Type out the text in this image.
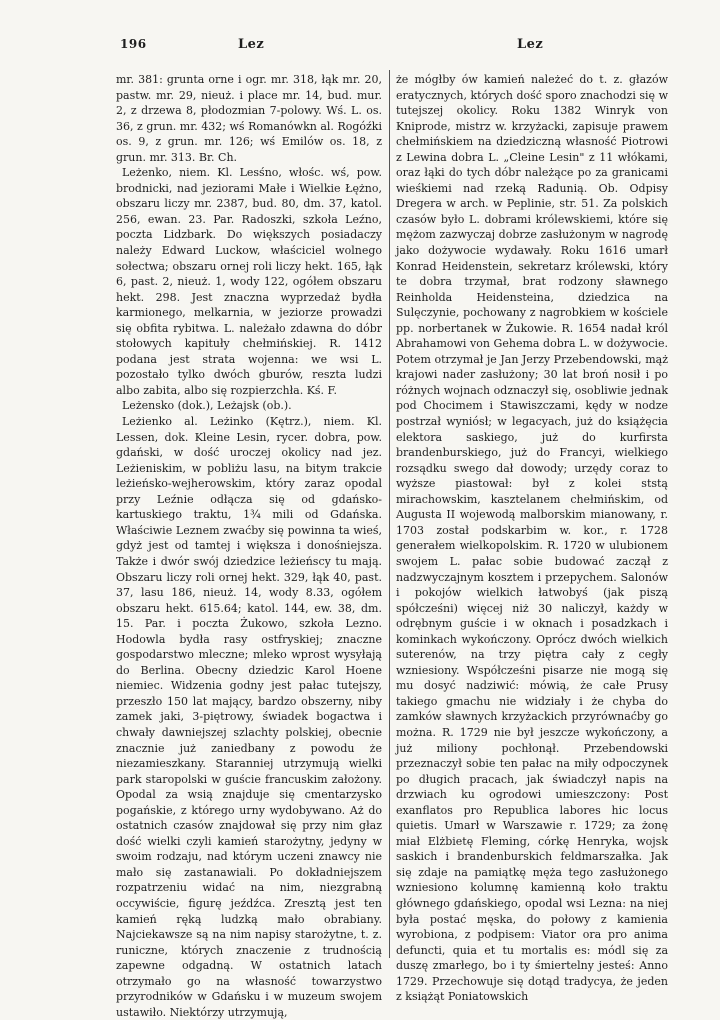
196	Lez	Lez

mr. 381: grunta orne i ogr. mr. 318, łąk mr. 20, pastw. mr. 29, nieuż. i place mr. 14, bud. mur. 2, z drzewa 8, płodozmian 7-polowy. Wś. L. os. 36, z grun. mr. 432; wś Romanówkn al. Rogóźki os. 9, z grun. mr. 126; wś Emilów os. 18, z grun. mr. 313. Br. Ch.

Leżenko, niem. Kl. Lesśno, włośc. wś, pow. brodnicki, nad jeziorami Małe i Wielkie Łężno, obszaru liczy mr. 2387, bud. 80, dm. 37, katol. 256, ewan. 23. Par. Radoszki, szkoła Leźno, poczta Lidzbark. Do większych posiadaczy należy Edward Luckow, właściciel wolnego sołectwa; obszaru ornej roli liczy hekt. 165, łąk 6, past. 2, nieuż. 1, wody 122, ogółem obszaru hekt. 298. Jest znaczna wyprzedaż bydła karmionego, melkarnia, w jeziorze prowadzi się obfita rybitwa. L. należało zdawna do dóbr stołowych kapituły chełmińskiej. R. 1412 podana jest strata wojenna: we wsi L. pozostało tylko dwóch gburów, reszta ludzi albo zabita, albo się rozpierzchła. Kś. F.

Leżensko (dok.), Leżajsk (ob.).

Leżienko al. Leżinko (Kętrz.), niem. Kl. Lessen, dok. Kleine Lesin, rycer. dobra, pow. gdański, w dość uroczej okolicy nad jez. Leżieniskim, w pobliżu lasu, na bitym trakcie leżieńsko-wejherowskim, który zaraz opodal przy Leźnie odłącza się od gdańsko-kartuskiego traktu, 1¾ mili od Gdańska. Właściwie Leznem zwaćby się powinna ta wieś, gdyż jest od tamtej i większa i donośniejsza. Także i dwór swój dziedzice leżieńscy tu mają. Obszaru liczy roli ornej hekt. 329, łąk 40, past. 37, lasu 186, nieuż. 14, wody 8.33, ogółem obszaru hekt. 615.64; katol. 144, ew. 38, dm. 15. Par. i poczta Żukowo, szkoła Lezno. Hodowla bydła rasy ostfryskiej; znaczne gospodarstwo mleczne; mleko wprost wysyłają do Berlina. Obecny dziedzic Karol Hoene niemiec. Widzenia godny jest pałac tutejszy, przeszło 150 lat mający, bardzo obszerny, niby zamek jaki, 3-piętrowy, świadek bogactwa i chwały dawniejszej szlachty polskiej, obecnie znacznie już zaniedbany z powodu że niezamieszkany. Staranniej utrzymują wielki park staropolski w guście francuskim założony. Opodal za wsią znajduje się cmentarzysko pogańskie, z którego urny wydobywano. Aż do ostatnich czasów znajdował się przy nim głaz dość wielki czyli kamień starożytny, jedyny w swoim rodzaju, nad którym uczeni znawcy nie mało się zastanawiali. Po dokładniejszem rozpatrzeniu widać na nim, niezgrabną occywiście, figurę jeźdźca. Zresztą jest ten kamień ręką ludzką mało obrabiany. Najciekawsze są na nim napisy starożytne, t. z. runiczne, których znaczenie z trudnością zapewne odgadną. W ostatnich latach otrzymało go na własność towarzystwo przyrodników w Gdańsku i w muzeum swojem ustawiło. Niektórzy utrzymują,

że mógłby ów kamień należeć do t. z. głazów eratycznych, których dość sporo znachodzi się w tutejszej okolicy. Roku 1382 Winryk von Kniprode, mistrz w. krzyżacki, zapisuje prawem chełmińskiem na dziedziczną własność Piotrowi z Lewina dobra L. „Cleine Lesin" z 11 włókami, oraz łąki do tych dóbr należące po za granicami wieśkiemi nad rzeką Radunią. Ob. Odpisy Dregera w arch. w Peplinie, str. 51. Za polskich czasów było L. dobrami królewskiemi, które się mężom zazwyczaj dobrze zasłużonym w nagrodę jako dożywocie wydawały. Roku 1616 umarł Konrad Heidenstein, sekretarz królewski, który te dobra trzymał, brat rodzony sławnego Reinholda Heidensteina, dziedzica na Sulęczynie, pochowany z nagrobkiem w kościele pp. norbertanek w Żukowie. R. 1654 nadał król Abrahamowi von Gehema dobra L. w dożywocie. Potem otrzymał je Jan Jerzy Przebendowski, mąż krajowi nader zasłużony; 30 lat broń nosił i po różnych wojnach odznaczył się, osobliwie jednak pod Chocimem i Stawiszczami, kędy w nodze postrzał wyniósł; w legacyach, już do książęcia elektora saskiego, już do kurfirsta brandenburskiego, już do Francyi, wielkiego rozsądku swego dał dowody; urzędy coraz to wyższe piastował: był z kolei ststą mirachowskim, kasztelanem chełmińskim, od Augusta II wojewodą malborskim mianowany, r. 1703 został podskarbim w. kor., r. 1728 generałem wielkopolskim. R. 1720 w ulubionem swojem L. pałac sobie budować zaczął z nadzwyczajnym kosztem i przepychem. Salonów i pokojów wielkich łatwobyś (jak piszą spółcześni) więcej niż 30 naliczył, każdy w odrębnym guście i w oknach i posadzkach i kominkach wykończony. Oprócz dwóch wielkich suterenów, na trzy piętra cały z cegły wzniesiony. Współcześni pisarze nie mogą się mu dosyć nadziwić: mówią, że całe Prusy takiego gmachu nie widziały i że chyba do zamków sławnych krzyżackich przyrównaćby go można. R. 1729 nie był jeszcze wykończony, a już miliony pochłonął. Przebendowski przeznaczył sobie ten pałac na miły odpoczynek po długich pracach, jak świadczył napis na drzwiach ku ogrodowi umieszczony: Post exanflatos pro Republica labores hic locus quietis. Umarł w Warszawie r. 1729; za żonę miał Elżbietę Fleming, córkę Henryka, wojsk saskich i brandenburskich feldmarszałka. Jak się zdaje na pamiątkę męża tego zasłużonego wzniesiono kolumnę kamienną koło traktu głównego gdańskiego, opodal wsi Lezna: na niej była postać męska, do połowy z kamienia wyrobiona, z podpisem: Viator ora pro anima defuncti, quia et tu mortalis es: módl się za duszę zmarłego, bo i ty śmiertelny jesteś: Anno 1729. Przechowuje się dotąd tradycya, że jeden z książąt Poniatowskich
